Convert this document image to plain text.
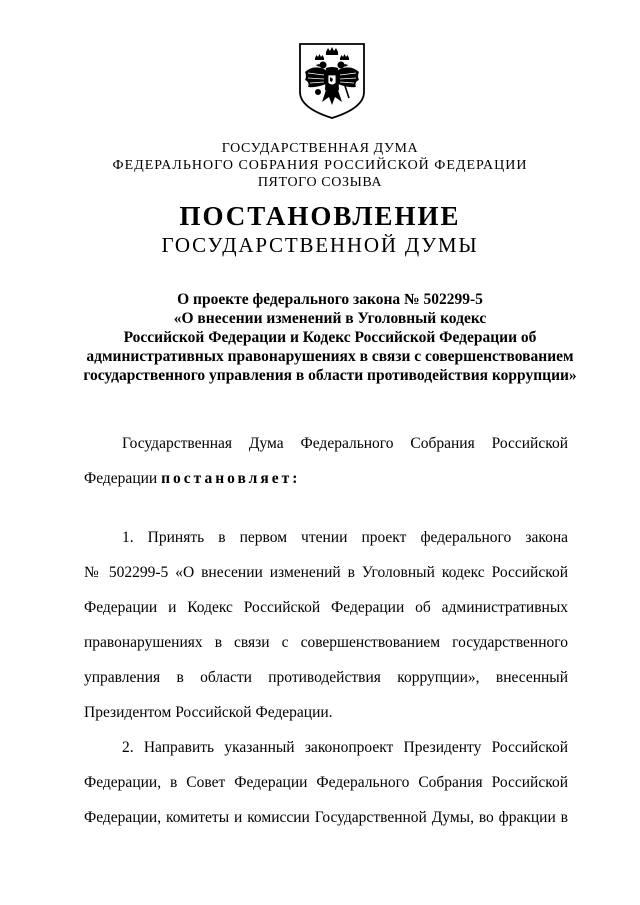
ГОСУДАРСТВЕННАЯ ДУМА
ФЕДЕРАЛЬНОГО СОБРАНИЯ РОССИЙСКОЙ ФЕДЕРАЦИИ
ПЯТОГО СОЗЫВА
ПОСТАНОВЛЕНИЕ
ГОСУДАРСТВЕННОЙ ДУМЫ
О проекте федерального закона № 502299-5
«О внесении изменений в Уголовный кодекс
Российской Федерации и Кодекс Российской Федерации об
административных правонарушениях в связи с совершенствованием
государственного управления в области противодействия коррупции»
Государственная Дума Федерального Собрания Российской
Федерации постановляет:
1. Принять в первом чтении проект федерального закона
№ 502299-5 «О внесении изменений в Уголовный кодекс Российской
Федерации и Кодекс Российской Федерации об административных
правонарушениях в связи с совершенствованием государственного
управления в области противодействия коррупции», внесенный
Президентом Российской Федерации.
2. Направить указанный законопроект Президенту Российской
Федерации, в Совет Федерации Федерального Собрания Российской
Федерации, комитеты и комиссии Государственной Думы, во фракции в
